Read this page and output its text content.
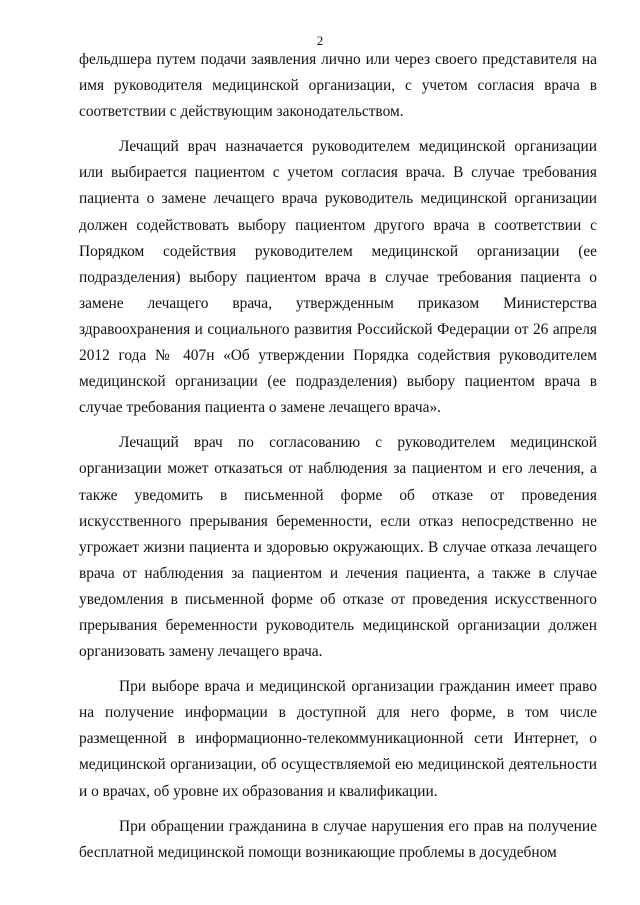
2

фельдшера путем подачи заявления лично или через своего представителя на имя руководителя медицинской организации, с учетом согласия врача в соответствии с действующим законодательством.

Лечащий врач назначается руководителем медицинской организации или выбирается пациентом с учетом согласия врача. В случае требования пациента о замене лечащего врача руководитель медицинской организации должен содействовать выбору пациентом другого врача в соответствии с Порядком содействия руководителем медицинской организации (ее подразделения) выбору пациентом врача в случае требования пациента о замене лечащего врача, утвержденным приказом Министерства здравоохранения и социального развития Российской Федерации от 26 апреля 2012 года № 407н «Об утверждении Порядка содействия руководителем медицинской организации (ее подразделения) выбору пациентом врача в случае требования пациента о замене лечащего врача».

Лечащий врач по согласованию с руководителем медицинской организации может отказаться от наблюдения за пациентом и его лечения, а также уведомить в письменной форме об отказе от проведения искусственного прерывания беременности, если отказ непосредственно не угрожает жизни пациента и здоровью окружающих. В случае отказа лечащего врача от наблюдения за пациентом и лечения пациента, а также в случае уведомления в письменной форме об отказе от проведения искусственного прерывания беременности руководитель медицинской организации должен организовать замену лечащего врача.

При выборе врача и медицинской организации гражданин имеет право на получение информации в доступной для него форме, в том числе размещенной в информационно-телекоммуникационной сети Интернет, о медицинской организации, об осуществляемой ею медицинской деятельности и о врачах, об уровне их образования и квалификации.

При обращении гражданина в случае нарушения его прав на получение бесплатной медицинской помощи возникающие проблемы в досудебном
